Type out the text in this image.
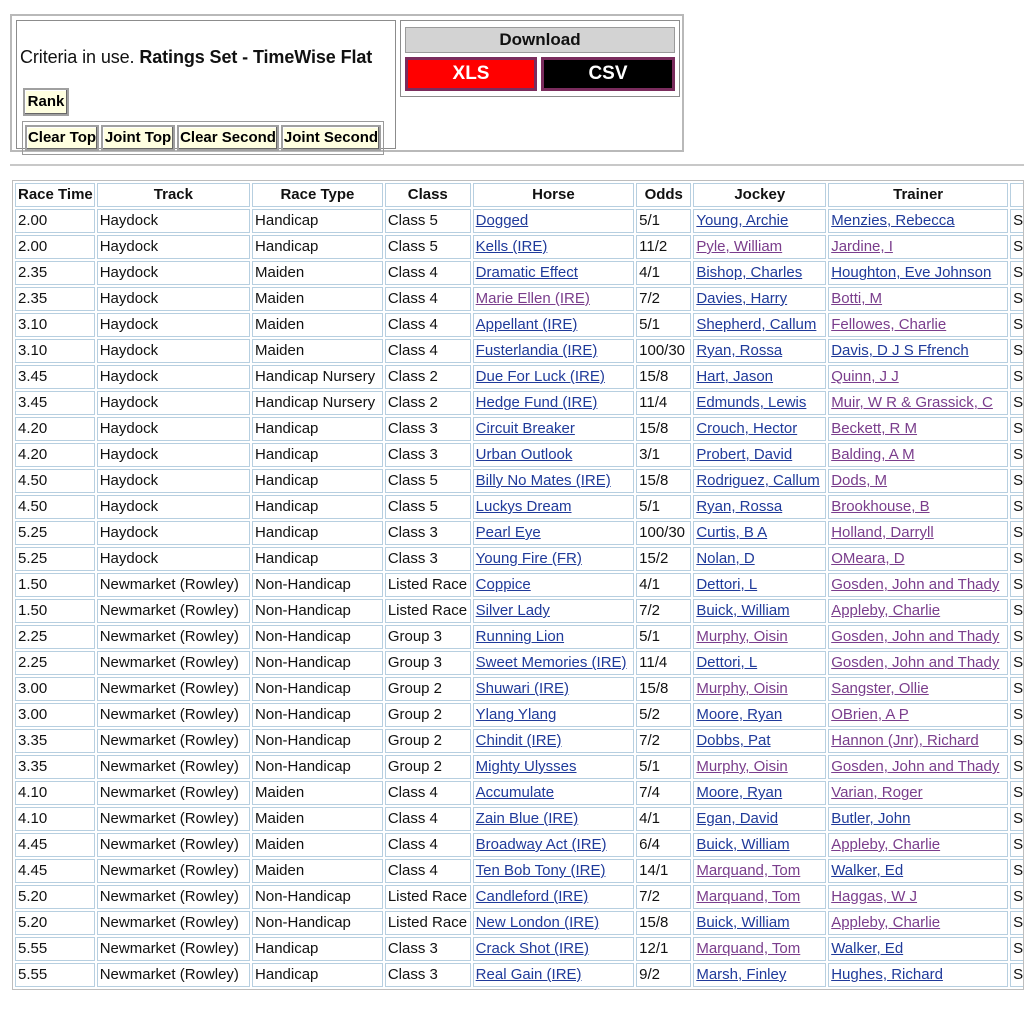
Criteria in use. Ratings Set - TimeWise Flat
Rank
Clear Top Joint Top Clear Second Joint Second
Download
XLS	CSV
Race Time	Track	Race Type	Class	Horse	Odds	Jockey	Trainer	
2.00	Haydock	Handicap	Class 5	Dogged	5/1	Young, Archie	Menzies, Rebecca	S
2.00	Haydock	Handicap	Class 5	Kells (IRE)	11/2	Pyle, William	Jardine, I	S
2.35	Haydock	Maiden	Class 4	Dramatic Effect	4/1	Bishop, Charles	Houghton, Eve Johnson	S
2.35	Haydock	Maiden	Class 4	Marie Ellen (IRE)	7/2	Davies, Harry	Botti, M	S
3.10	Haydock	Maiden	Class 4	Appellant (IRE)	5/1	Shepherd, Callum	Fellowes, Charlie	S
3.10	Haydock	Maiden	Class 4	Fusterlandia (IRE)	100/30	Ryan, Rossa	Davis, D J S Ffrench	S
3.45	Haydock	Handicap Nursery	Class 2	Due For Luck (IRE)	15/8	Hart, Jason	Quinn, J J	S
3.45	Haydock	Handicap Nursery	Class 2	Hedge Fund (IRE)	11/4	Edmunds, Lewis	Muir, W R & Grassick, C	S
4.20	Haydock	Handicap	Class 3	Circuit Breaker	15/8	Crouch, Hector	Beckett, R M	S
4.20	Haydock	Handicap	Class 3	Urban Outlook	3/1	Probert, David	Balding, A M	S
4.50	Haydock	Handicap	Class 5	Billy No Mates (IRE)	15/8	Rodriguez, Callum	Dods, M	S
4.50	Haydock	Handicap	Class 5	Luckys Dream	5/1	Ryan, Rossa	Brookhouse, B	S
5.25	Haydock	Handicap	Class 3	Pearl Eye	100/30	Curtis, B A	Holland, Darryll	S
5.25	Haydock	Handicap	Class 3	Young Fire (FR)	15/2	Nolan, D	OMeara, D	S
1.50	Newmarket (Rowley)	Non-Handicap	Listed Race	Coppice	4/1	Dettori, L	Gosden, John and Thady	S
1.50	Newmarket (Rowley)	Non-Handicap	Listed Race	Silver Lady	7/2	Buick, William	Appleby, Charlie	S
2.25	Newmarket (Rowley)	Non-Handicap	Group 3	Running Lion	5/1	Murphy, Oisin	Gosden, John and Thady	S
2.25	Newmarket (Rowley)	Non-Handicap	Group 3	Sweet Memories (IRE)	11/4	Dettori, L	Gosden, John and Thady	S
3.00	Newmarket (Rowley)	Non-Handicap	Group 2	Shuwari (IRE)	15/8	Murphy, Oisin	Sangster, Ollie	S
3.00	Newmarket (Rowley)	Non-Handicap	Group 2	Ylang Ylang	5/2	Moore, Ryan	OBrien, A P	S
3.35	Newmarket (Rowley)	Non-Handicap	Group 2	Chindit (IRE)	7/2	Dobbs, Pat	Hannon (Jnr), Richard	S
3.35	Newmarket (Rowley)	Non-Handicap	Group 2	Mighty Ulysses	5/1	Murphy, Oisin	Gosden, John and Thady	S
4.10	Newmarket (Rowley)	Maiden	Class 4	Accumulate	7/4	Moore, Ryan	Varian, Roger	S
4.10	Newmarket (Rowley)	Maiden	Class 4	Zain Blue (IRE)	4/1	Egan, David	Butler, John	S
4.45	Newmarket (Rowley)	Maiden	Class 4	Broadway Act (IRE)	6/4	Buick, William	Appleby, Charlie	S
4.45	Newmarket (Rowley)	Maiden	Class 4	Ten Bob Tony (IRE)	14/1	Marquand, Tom	Walker, Ed	S
5.20	Newmarket (Rowley)	Non-Handicap	Listed Race	Candleford (IRE)	7/2	Marquand, Tom	Haggas, W J	S
5.20	Newmarket (Rowley)	Non-Handicap	Listed Race	New London (IRE)	15/8	Buick, William	Appleby, Charlie	S
5.55	Newmarket (Rowley)	Handicap	Class 3	Crack Shot (IRE)	12/1	Marquand, Tom	Walker, Ed	S
5.55	Newmarket (Rowley)	Handicap	Class 3	Real Gain (IRE)	9/2	Marsh, Finley	Hughes, Richard	S
